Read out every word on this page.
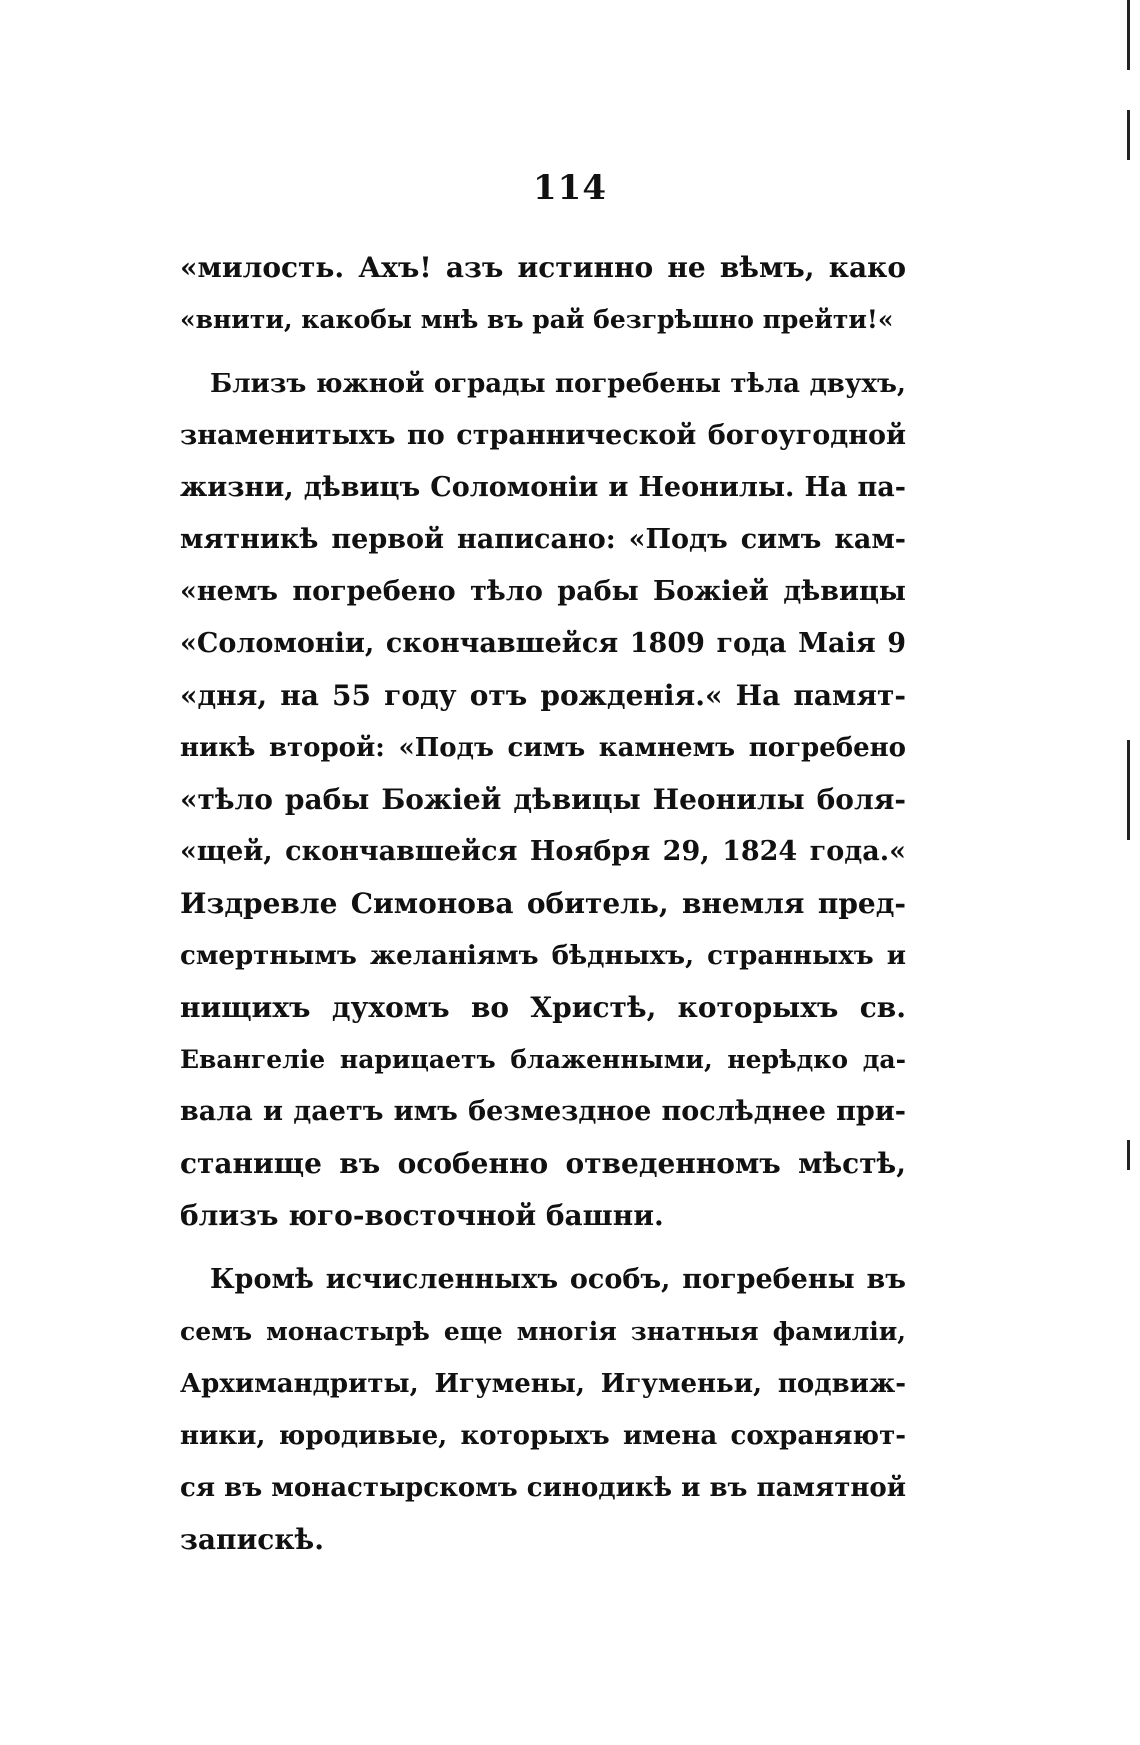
114
«милость. Ахъ! азъ истинно не вѣмъ, како
«внити, какобы мнѣ въ рай безгрѣшно прейти!«
Близъ южной ограды погребены тѣла двухъ,
знаменитыхъ по страннической богоугодной
жизни, дѣвицъ Соломоніи и Неонилы. На па-
мятникѣ первой написано: «Подъ симъ кам-
«немъ погребено тѣло рабы Божіей дѣвицы
«Соломоніи, скончавшейся 1809 года Маія 9
«дня, на 55 году отъ рожденія.« На памят-
никѣ второй: «Подъ симъ камнемъ погребено
«тѣло рабы Божіей дѣвицы Неонилы боля-
«щей, скончавшейся Ноября 29, 1824 года.«
Издревле Симонова обитель, внемля пред-
смертнымъ желаніямъ бѣдныхъ, странныхъ и
нищихъ духомъ во Христѣ, которыхъ св.
Евангеліе нарицаетъ блаженными, нерѣдко да-
вала и даетъ имъ безмездное послѣднее при-
станище въ особенно отведенномъ мѣстѣ,
близъ юго-восточной башни.
Кромѣ исчисленныхъ особъ, погребены въ
семъ монастырѣ еще многія знатныя фамиліи,
Архимандриты, Игумены, Игуменьи, подвиж-
ники, юродивые, которыхъ имена сохраняют-
ся въ монастырскомъ синодикѣ и въ памятной
запискѣ.
